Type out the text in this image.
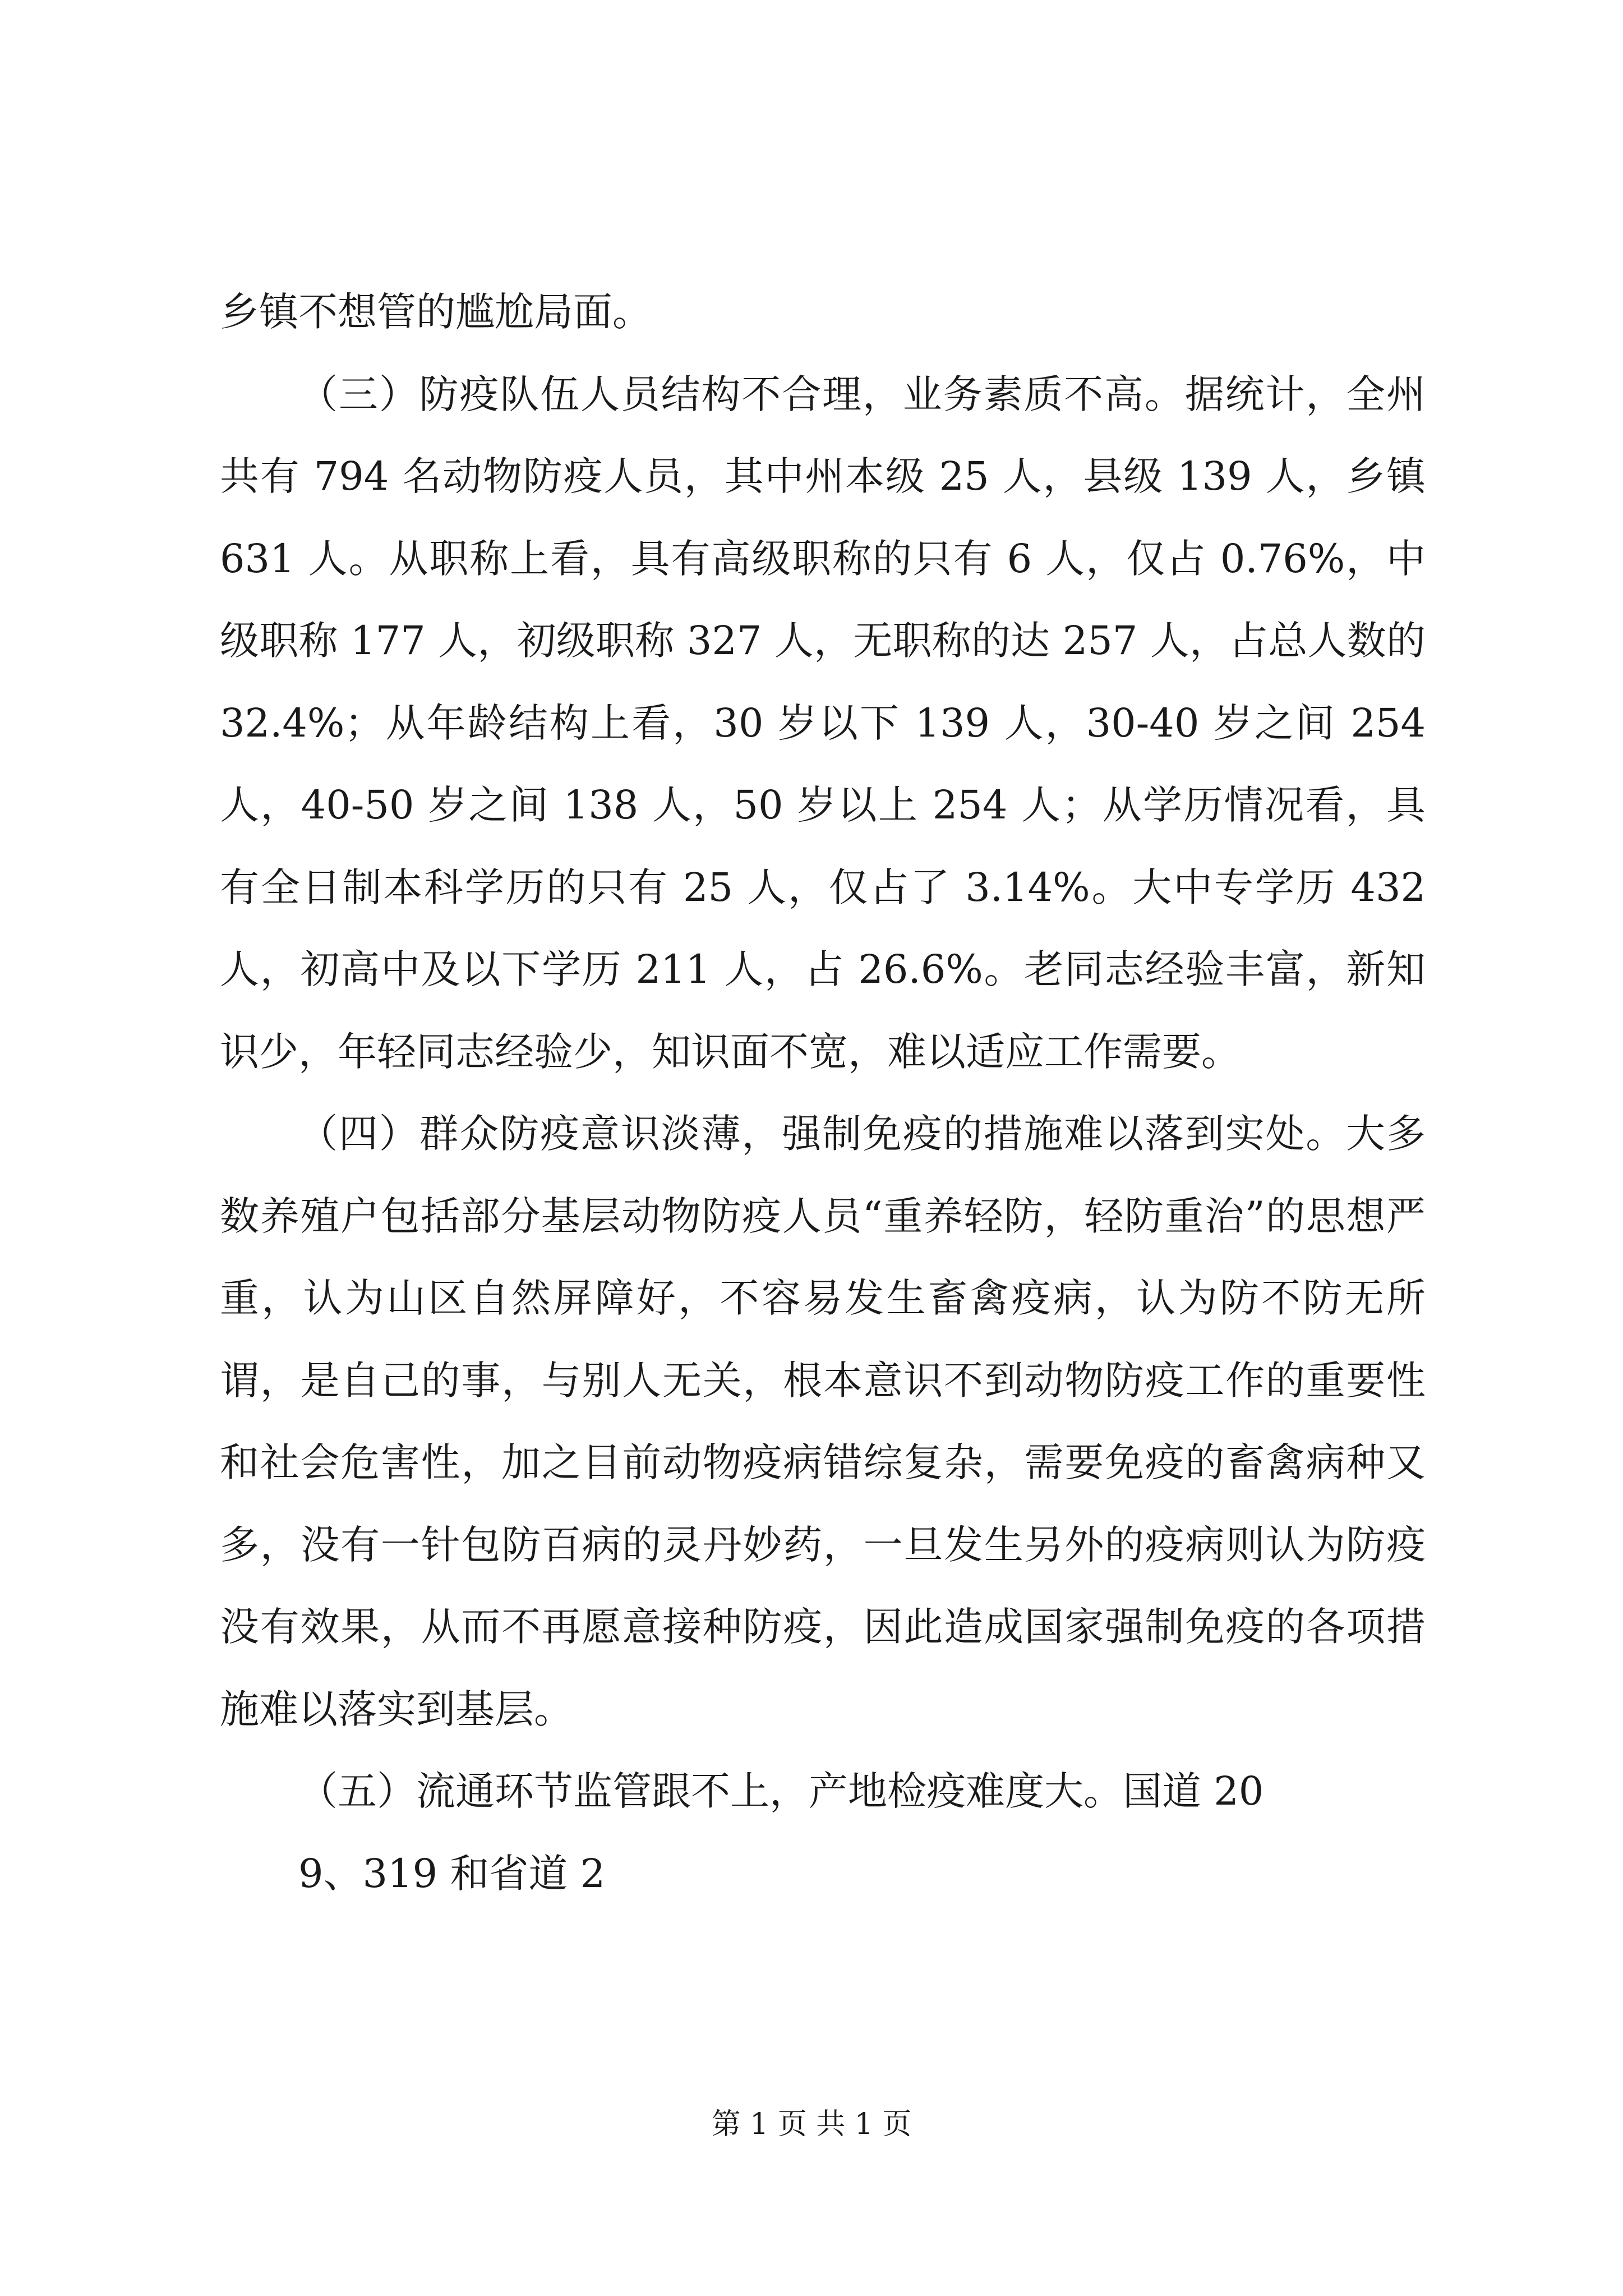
乡镇不想管的尴尬局面。

（三）防疫队伍人员结构不合理，业务素质不高。据统计，全州共有 794 名动物防疫人员，其中州本级 25 人，县级 139 人，乡镇 631 人。从职称上看，具有高级职称的只有 6 人，仅占 0.76%，中级职称 177 人，初级职称 327 人，无职称的达 257 人，占总人数的 32.4%；从年龄结构上看，30 岁以下 139 人，30-40 岁之间 254 人，40-50 岁之间 138 人，50 岁以上 254 人；从学历情况看，具有全日制本科学历的只有 25 人，仅占了 3.14%。大中专学历 432 人，初高中及以下学历 211 人，占 26.6%。老同志经验丰富，新知识少，年轻同志经验少，知识面不宽，难以适应工作需要。

（四）群众防疫意识淡薄，强制免疫的措施难以落到实处。大多数养殖户包括部分基层动物防疫人员“重养轻防，轻防重治”的思想严重，认为山区自然屏障好，不容易发生畜禽疫病，认为防不防无所谓，是自己的事，与别人无关，根本意识不到动物防疫工作的重要性和社会危害性，加之目前动物疫病错综复杂，需要免疫的畜禽病种又多，没有一针包防百病的灵丹妙药，一旦发生另外的疫病则认为防疫没有效果，从而不再愿意接种防疫，因此造成国家强制免疫的各项措施难以落实到基层。

（五）流通环节监管跟不上，产地检疫难度大。国道 20

9、319 和省道 2

第 1 页 共 1 页
